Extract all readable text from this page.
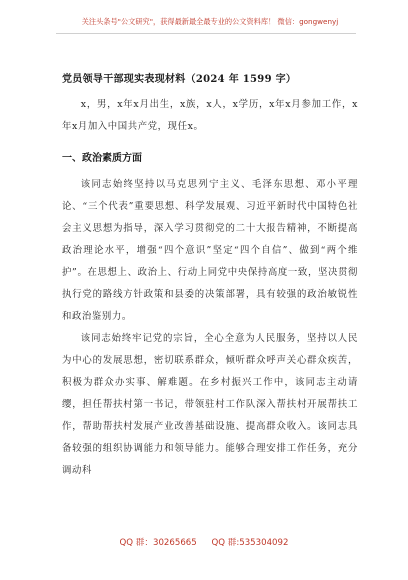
关注头条号"公文研究"，获得最新最全最专业的公文资料库！ 微信：gongwenyj
党员领导干部现实表现材料（2024 年 1599 字）

x，男，x年x月出生，x族，x人，x学历，x年x月参加工作，x年x月加入中国共产党，现任x。

一、政治素质方面

该同志始终坚持以马克思列宁主义、毛泽东思想、邓小平理论、“三个代表”重要思想、科学发展观、习近平新时代中国特色社会主义思想为指导，深入学习贯彻党的二十大报告精神，不断提高政治理论水平，增强“四个意识”坚定“四个自信”、做到“两个维护”。在思想上、政治上、行动上同党中央保持高度一致，坚决贯彻执行党的路线方针政策和县委的决策部署，具有较强的政治敏锐性和政治鉴别力。

该同志始终牢记党的宗旨，全心全意为人民服务，坚持以人民为中心的发展思想，密切联系群众，倾听群众呼声关心群众疾苦，积极为群众办实事、解难题。在乡村振兴工作中，该同志主动请缨，担任帮扶村第一书记，带领驻村工作队深入帮扶村开展帮扶工作，帮助帮扶村发展产业改善基础设施、提高群众收入。该同志具备较强的组织协调能力和领导能力。能够合理安排工作任务，充分调动科

QQ 群：30265665 QQ 群:535304092
